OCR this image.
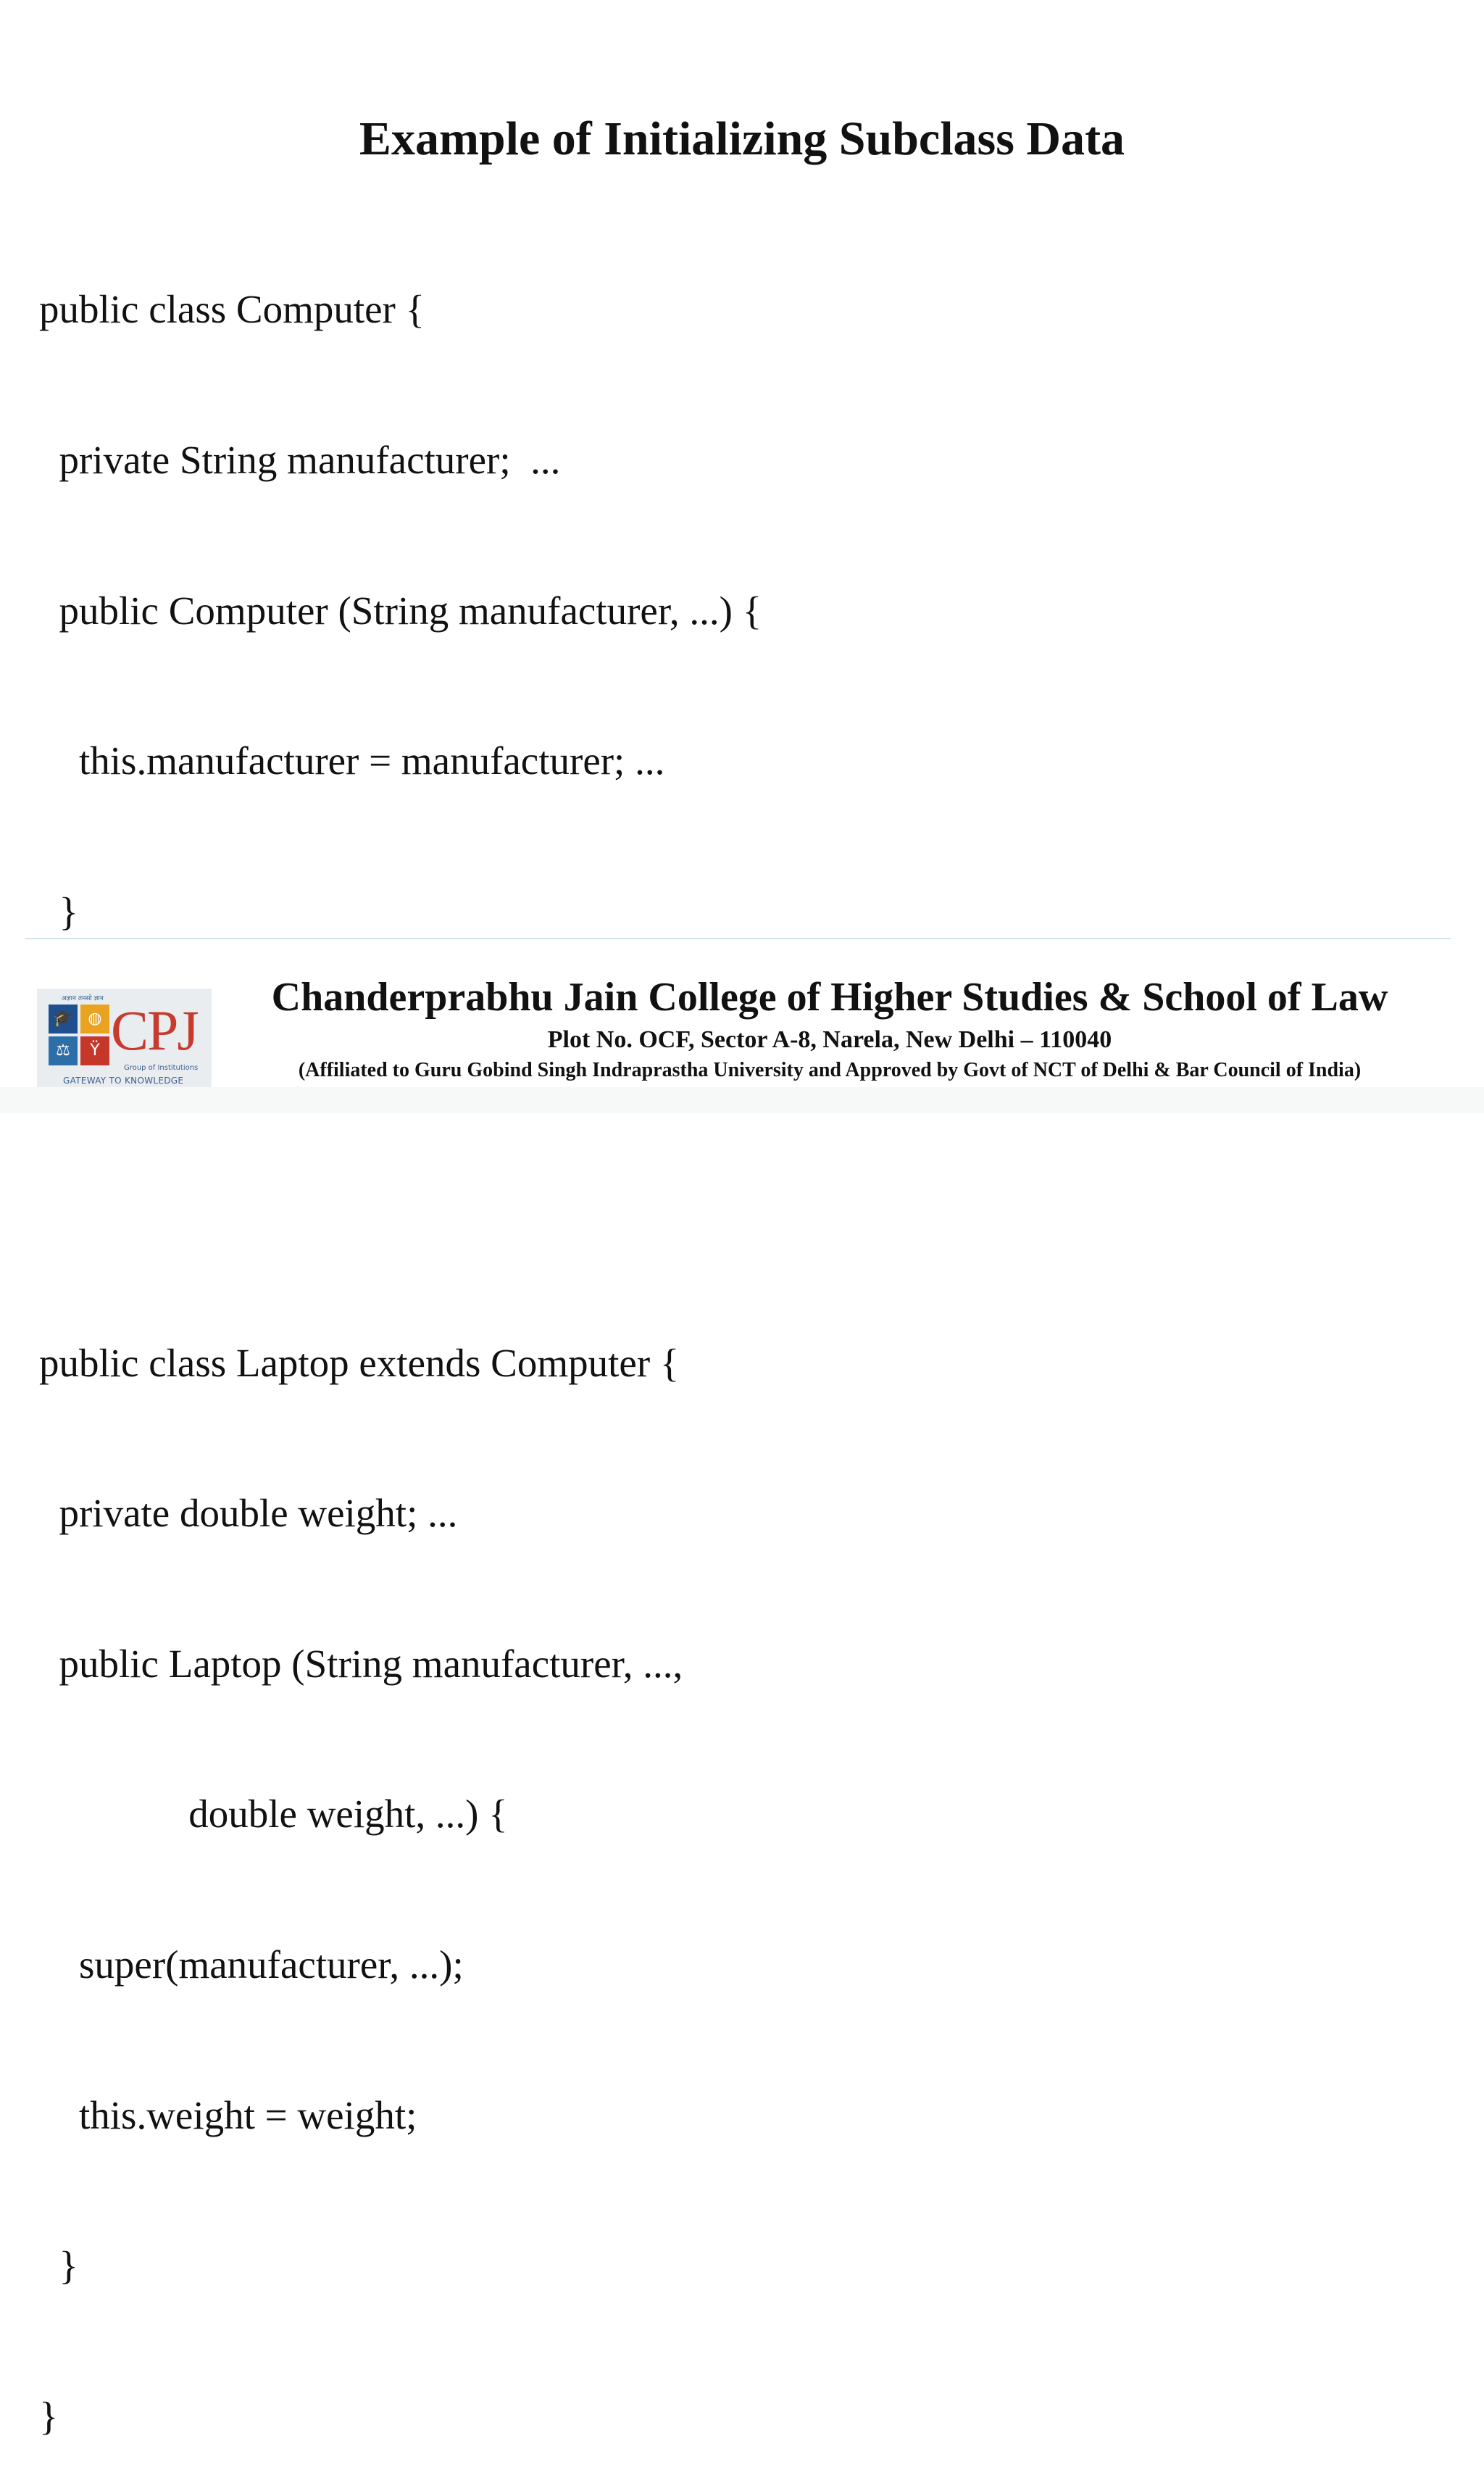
Example of Initializing Subclass Data

public class Computer {

private String manufacturer;  ...

public Computer (String manufacturer, ...) {

this.manufacturer = manufacturer; ...

}

public class Laptop extends Computer {

private double weight; ...

public Laptop (String manufacturer, ...,

double weight, ...) {

super(manufacturer, ...);

this.weight = weight;

}

}

अज्ञान तमसो ज्ञान
🎓 ◍
⚖	Ÿ CPJ
Group of Institutions
GATEWAY TO KNOWLEDGE
Chanderprabhu Jain College of Higher Studies & School of Law
Plot No. OCF, Sector A-8, Narela, New Delhi – 110040
(Affiliated to Guru Gobind Singh Indraprastha University and Approved by Govt of NCT of Delhi & Bar Council of India)
